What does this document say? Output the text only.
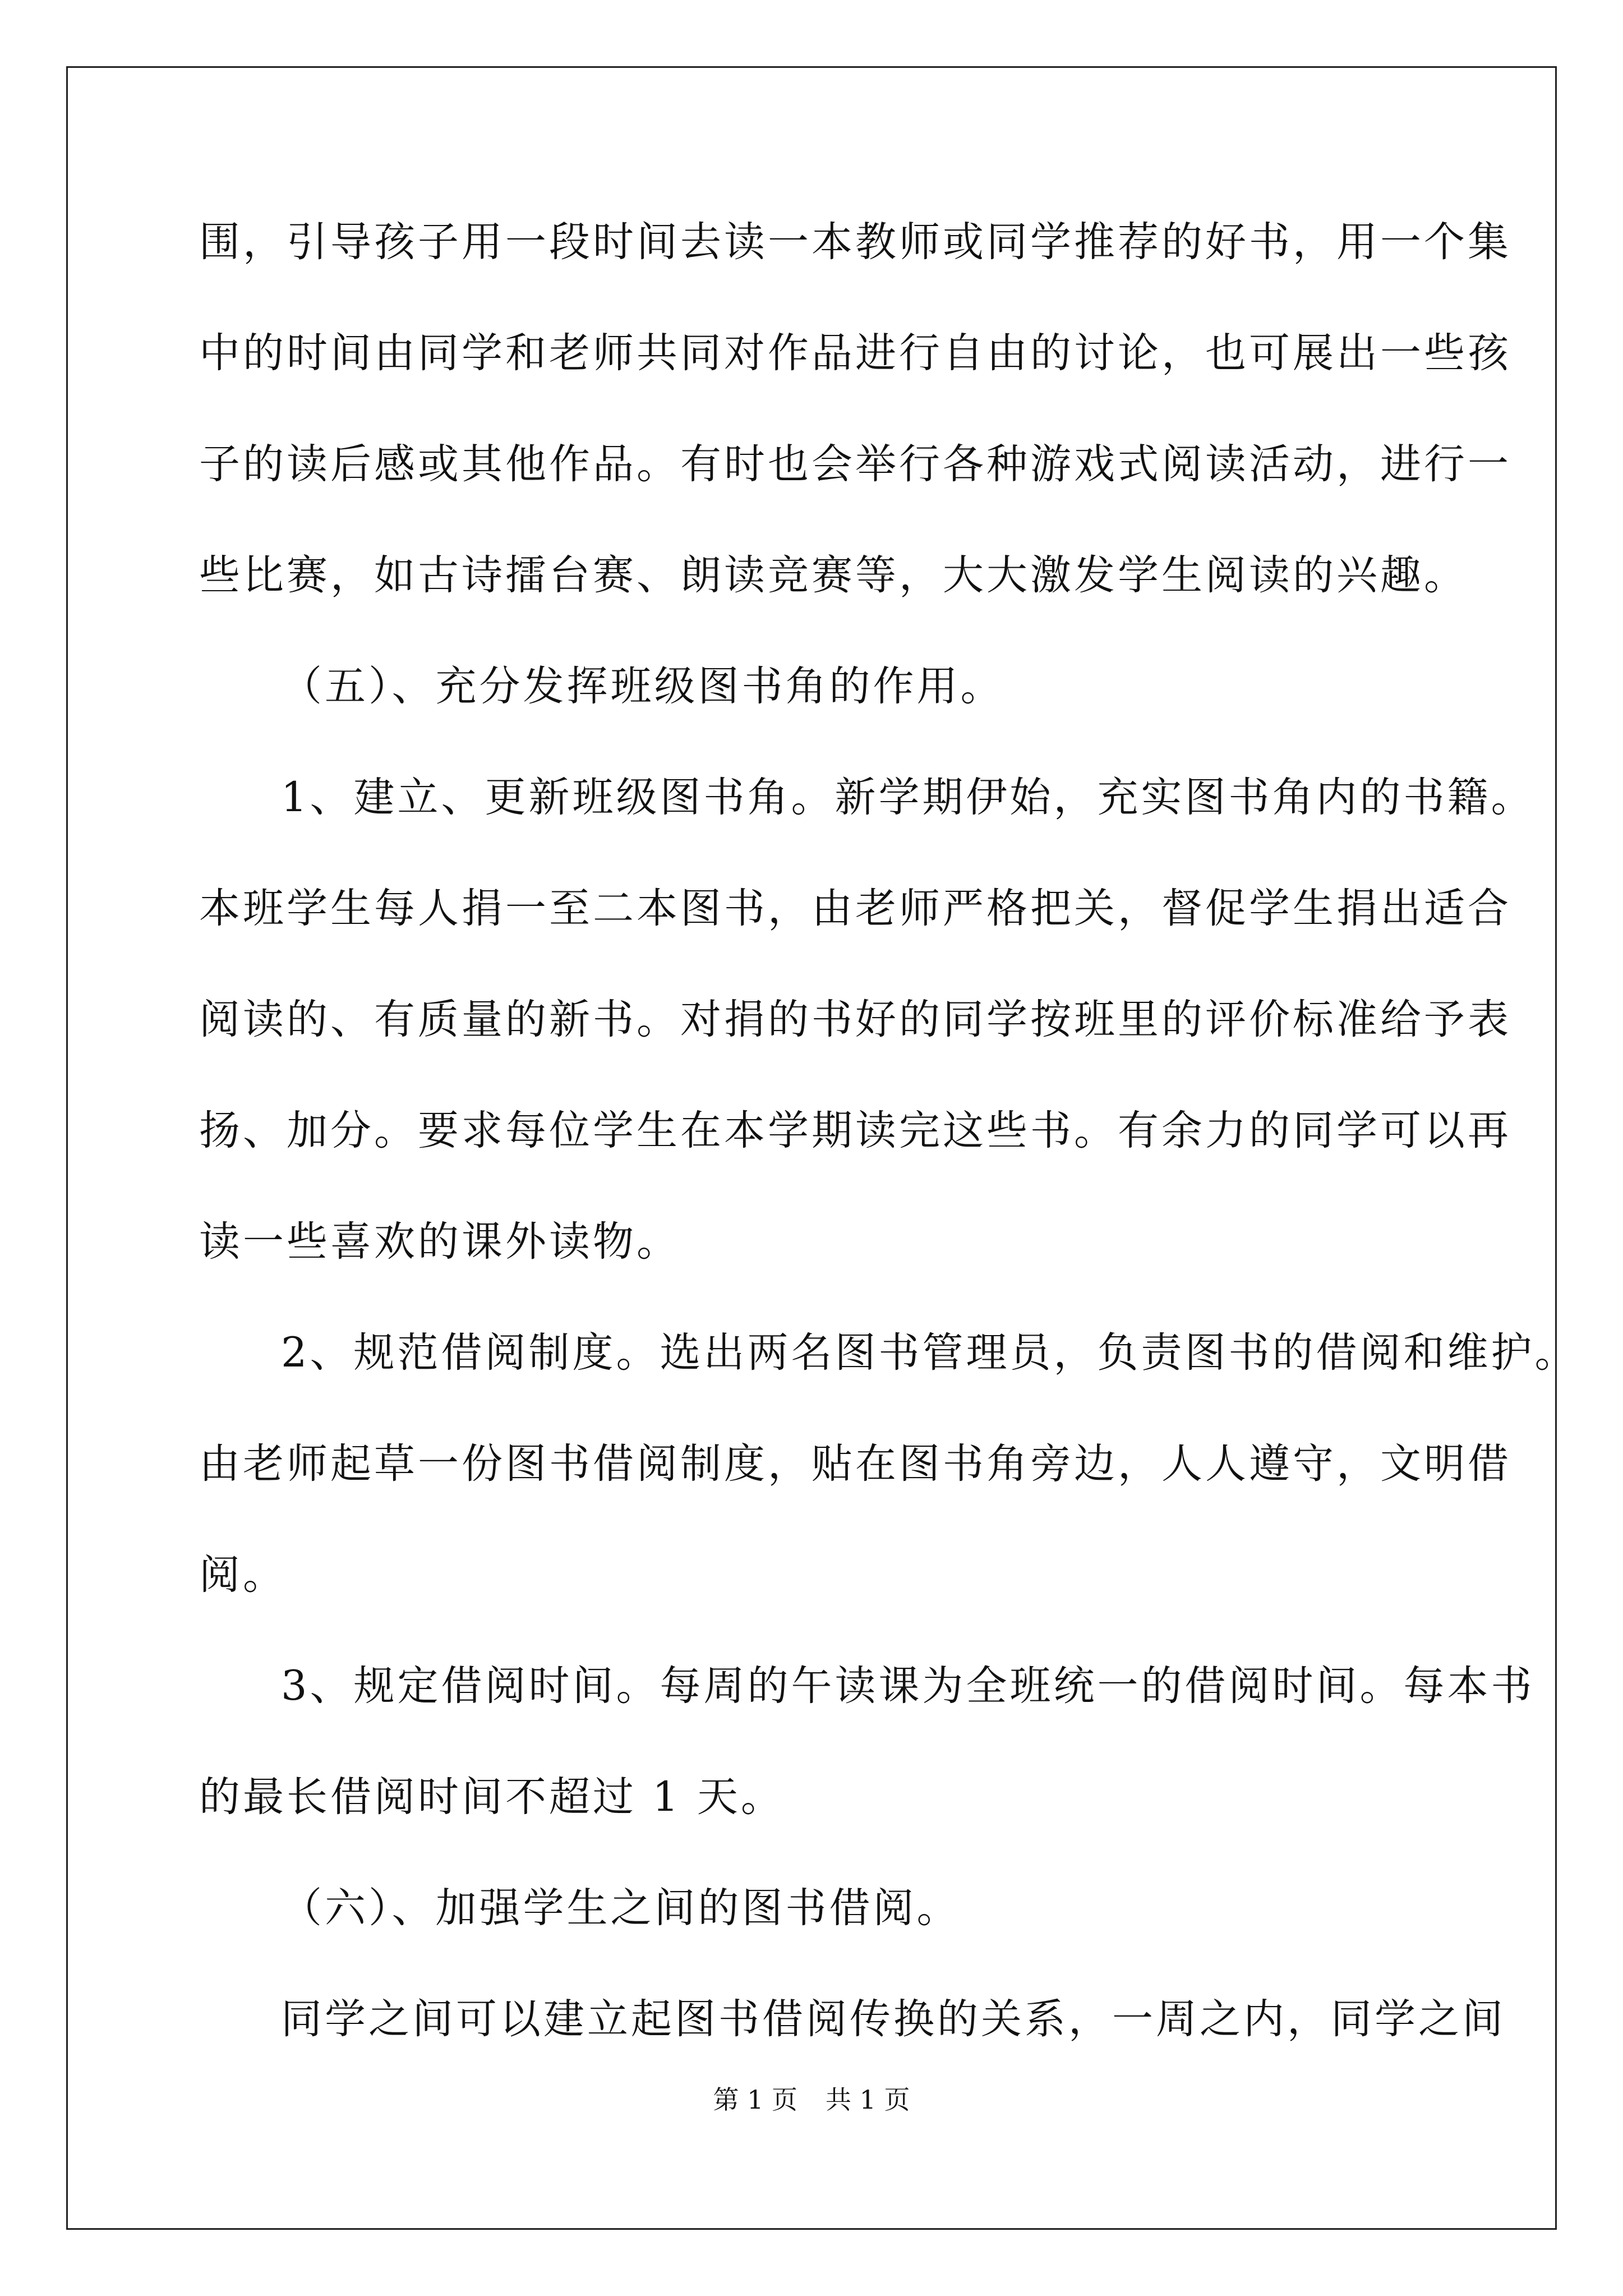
围，引导孩子用一段时间去读一本教师或同学推荐的好书，用一个集

中的时间由同学和老师共同对作品进行自由的讨论，也可展出一些孩

子的读后感或其他作品。有时也会举行各种游戏式阅读活动，进行一

些比赛，如古诗擂台赛、朗读竞赛等，大大激发学生阅读的兴趣。

（五）、充分发挥班级图书角的作用。

1、建立、更新班级图书角。新学期伊始，充实图书角内的书籍。

本班学生每人捐一至二本图书，由老师严格把关，督促学生捐出适合

阅读的、有质量的新书。对捐的书好的同学按班里的评价标准给予表

扬、加分。要求每位学生在本学期读完这些书。有余力的同学可以再

读一些喜欢的课外读物。

2、规范借阅制度。选出两名图书管理员，负责图书的借阅和维护。

由老师起草一份图书借阅制度，贴在图书角旁边，人人遵守，文明借

阅。

3、规定借阅时间。每周的午读课为全班统一的借阅时间。每本书

的最长借阅时间不超过 1 天。

（六）、加强学生之间的图书借阅。

同学之间可以建立起图书借阅传换的关系，一周之内，同学之间

第 1 页 共 1 页
